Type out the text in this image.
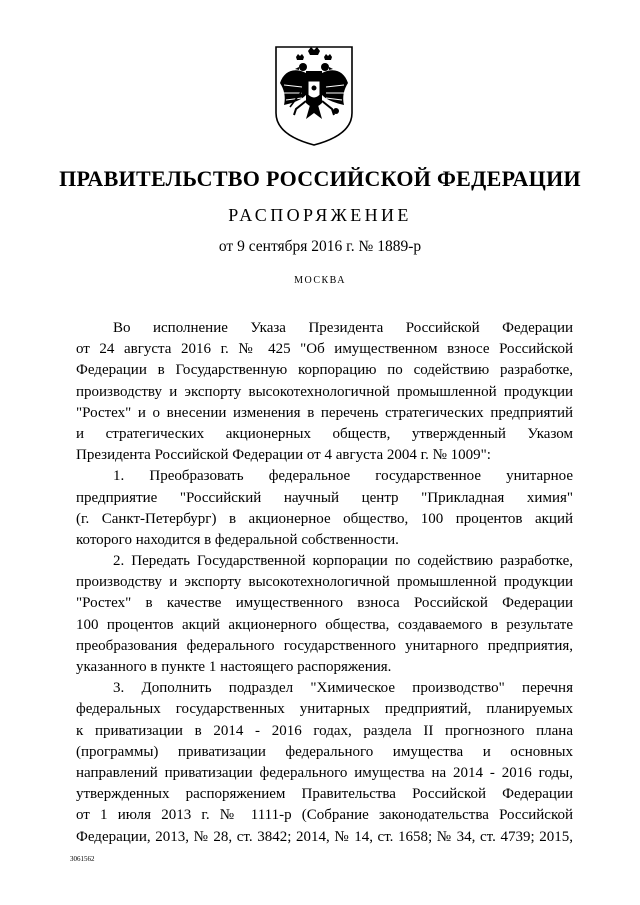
ПРАВИТЕЛЬСТВО РОССИЙСКОЙ ФЕДЕРАЦИИ
РАСПОРЯЖЕНИЕ
от 9 сентября 2016 г. № 1889-р
МОСКВА
Во исполнение Указа Президента Российской Федерации
от 24 августа 2016 г. № 425 "Об имущественном взносе Российской
Федерации в Государственную корпорацию по содействию разработке,
производству и экспорту высокотехнологичной промышленной продукции
"Ростех" и о внесении изменения в перечень стратегических предприятий
и стратегических акционерных обществ, утвержденный Указом
Президента Российской Федерации от 4 августа 2004 г. № 1009":
1. Преобразовать федеральное государственное унитарное
предприятие "Российский научный центр "Прикладная химия"
(г. Санкт-Петербург) в акционерное общество, 100 процентов акций
которого находится в федеральной собственности.
2. Передать Государственной корпорации по содействию разработке,
производству и экспорту высокотехнологичной промышленной продукции
"Ростех" в качестве имущественного взноса Российской Федерации
100 процентов акций акционерного общества, создаваемого в результате
преобразования федерального государственного унитарного предприятия,
указанного в пункте 1 настоящего распоряжения.
3. Дополнить подраздел "Химическое производство" перечня
федеральных государственных унитарных предприятий, планируемых
к приватизации в 2014 - 2016 годах, раздела II прогнозного плана
(программы) приватизации федерального имущества и основных
направлений приватизации федерального имущества на 2014 - 2016 годы,
утвержденных распоряжением Правительства Российской Федерации
от 1 июля 2013 г. № 1111-р (Собрание законодательства Российской
Федерации, 2013, № 28, ст. 3842; 2014, № 14, ст. 1658; № 34, ст. 4739; 2015,
3061562
